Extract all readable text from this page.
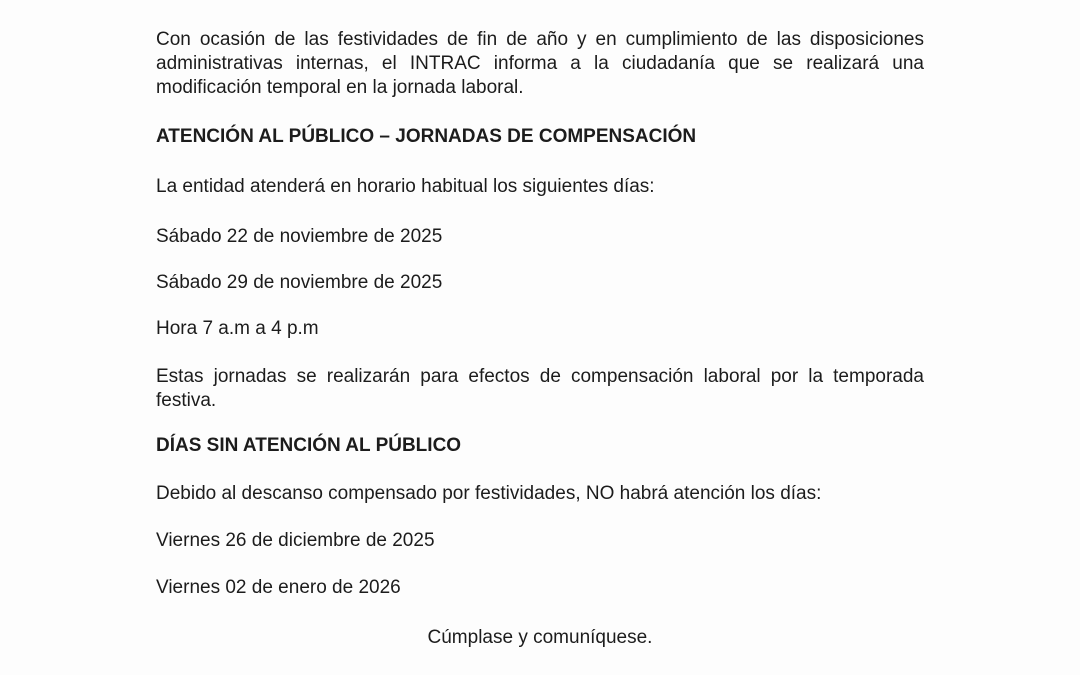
Con ocasión de las festividades de fin de año y en cumplimiento de las disposiciones administrativas internas, el INTRAC informa a la ciudadanía que se realizará una modificación temporal en la jornada laboral.

ATENCIÓN AL PÚBLICO – JORNADAS DE COMPENSACIÓN

La entidad atenderá en horario habitual los siguientes días:

Sábado 22 de noviembre de 2025

Sábado 29 de noviembre de 2025

Hora 7 a.m a 4 p.m

Estas jornadas se realizarán para efectos de compensación laboral por la temporada festiva.

DÍAS SIN ATENCIÓN AL PÚBLICO

Debido al descanso compensado por festividades, NO habrá atención los días:

Viernes 26 de diciembre de 2025

Viernes 02 de enero de 2026

Cúmplase y comuníquese.
